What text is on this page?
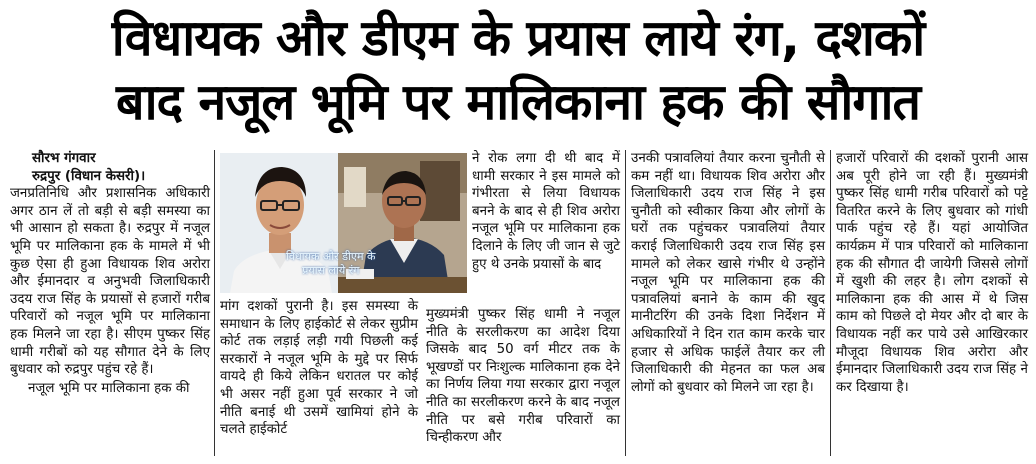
विधायक और डीएम के प्रयास लाये रंग, दशकों
बाद नजूल भूमि पर मालिकाना हक की सौगात

सौरभ गंगवार

रुद्रपुर (विधान केसरी)।

जनप्रतिनिधि और प्रशासनिक अधिकारी अगर ठान लें तो बड़ी से बड़ी समस्या का भी आसान हो सकता है। रुद्रपुर में नजूल भूमि पर मालिकाना हक के मामले में भी कुछ ऐसा ही हुआ विधायक शिव अरोरा और ईमानदार व अनुभवी जिलाधिकारी उदय राज सिंह के प्रयासों से हजारों गरीब परिवारों को नजूल भूमि पर मालिकाना हक मिलने जा रहा है। सीएम पुष्कर सिंह धामी गरीबों को यह सौगात देने के लिए बुधवार को रुद्रपुर पहुंच रहे हैं।

नजूल भूमि पर मालिकाना हक की

विधायक और डीएम के
प्रयास लाये रंग

मांग दशकों पुरानी है। इस समस्या के समाधान के लिए हाईकोर्ट से लेकर सुप्रीम कोर्ट तक लड़ाई लड़ी गयी पिछली कई सरकारों ने नजूल भूमि के मुद्दे पर सिर्फ वायदे ही किये लेकिन धरातल पर कोई भी असर नहीं हुआ पूर्व सरकार ने जो नीति बनाई थी उसमें खामियां होने के चलते हाईकोर्ट

ने रोक लगा दी थी बाद में धामी सरकार ने इस मामले को गंभीरता से लिया विधायक बनने के बाद से ही शिव अरोरा नजूल भूमि पर मालिकाना हक दिलाने के लिए जी जान से जुटे हुए थे उनके प्रयासों के बाद

मुख्यमंत्री पुष्कर सिंह धामी ने नजूल नीति के सरलीकरण का आदेश दिया जिसके बाद 50 वर्ग मीटर तक के भूखण्डों पर निःशुल्क मालिकाना हक देने का निर्णय लिया गया सरकार द्वारा नजूल नीति का सरलीकरण करने के बाद नजूल नीति पर बसे गरीब परिवारों का चिन्हीकरण और

उनकी पत्रावलियां तैयार करना चुनौती से कम नहीं था। विधायक शिव अरोरा और जिलाधिकारी उदय राज सिंह ने इस चुनौती को स्वीकार किया और लोगों के घरों तक पहुंचकर पत्रावलियां तैयार कराई जिलाधिकारी उदय राज सिंह इस मामले को लेकर खासे गंभीर थे उन्होंने नजूल भूमि पर मालिकाना हक की पत्रावलियां बनाने के काम की खुद मानीटरिंग की उनके दिशा निर्देशन में अधिकारियों ने दिन रात काम करके चार हजार से अधिक फाईलें तैयार कर ली जिलाधिकारी की मेहनत का फल अब लोगों को बुधवार को मिलने जा रहा है।

हजारों परिवारों की दशकों पुरानी आस अब पूरी होने जा रही हैं। मुख्यमंत्री पुष्कर सिंह धामी गरीब परिवारों को पट्टे वितरित करने के लिए बुधवार को गांधी पार्क पहुंच रहे हैं। यहां आयोजित कार्यक्रम में पात्र परिवारों को मालिकाना हक की सौगात दी जायेगी जिससे लोगों में खुशी की लहर है। लोग दशकों से मालिकाना हक की आस में थे जिस काम को पिछले दो मेयर और दो बार के विधायक नहीं कर पाये उसे आखिरकार मौजूदा विधायक शिव अरोरा और ईमानदार जिलाधिकारी उदय राज सिंह ने कर दिखाया है।
